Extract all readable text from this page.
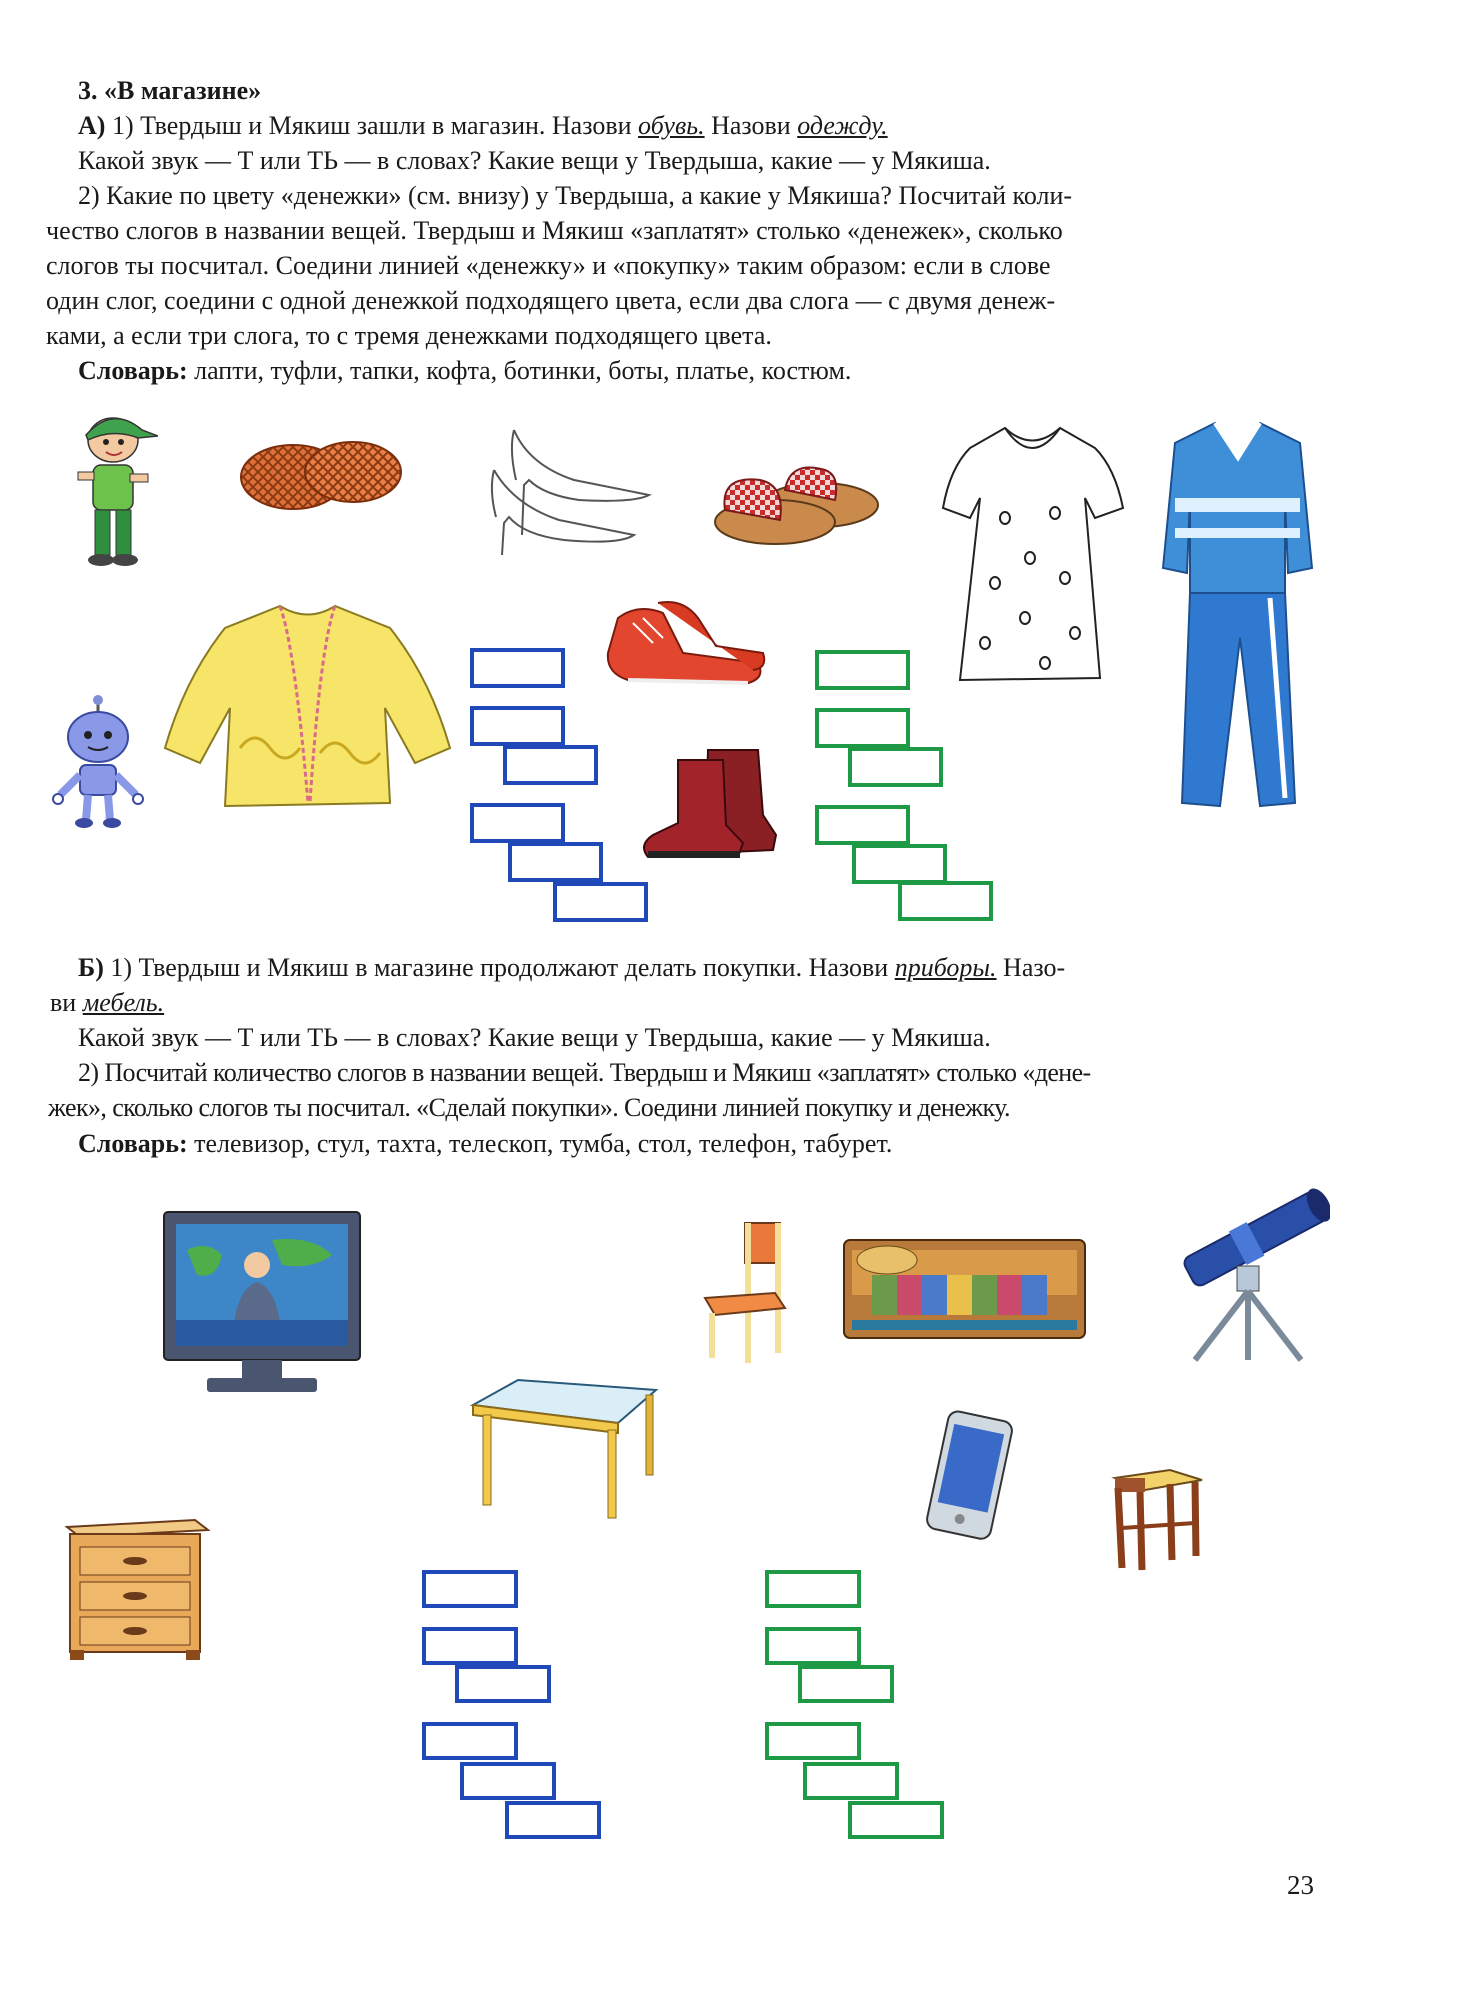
3. «В магазине»
А) 1) Твердыш и Мякиш зашли в магазин. Назови обувь. Назови одежду.
Какой звук — Т или ТЬ — в словах? Какие вещи у Твердыша, какие — у Мякиша.
2) Какие по цвету «денежки» (см. внизу) у Твердыша, а какие у Мякиша? Посчитай коли-
чество слогов в названии вещей. Твердыш и Мякиш «заплатят» столько «денежек», сколько
слогов ты посчитал. Соедини линией «денежку» и «покупку» таким образом: если в слове
один слог, соедини с одной денежкой подходящего цвета, если два слога — с двумя денеж-
ками, а если три слога, то с тремя денежками подходящего цвета.
Словарь: лапти, туфли, тапки, кофта, ботинки, боты, платье, костюм.
Б) 1) Твердыш и Мякиш в магазине продолжают делать покупки. Назови приборы. Назо-
ви мебель.
Какой звук — Т или ТЬ — в словах? Какие вещи у Твердыша, какие — у Мякиша.
2) Посчитай количество слогов в названии вещей. Твердыш и Мякиш «заплатят» столько «дене-
жек», сколько слогов ты посчитал. «Сделай покупки». Соедини линией покупку и денежку.
Словарь: телевизор, стул, тахта, телескоп, тумба, стол, телефон, табурет.
23
